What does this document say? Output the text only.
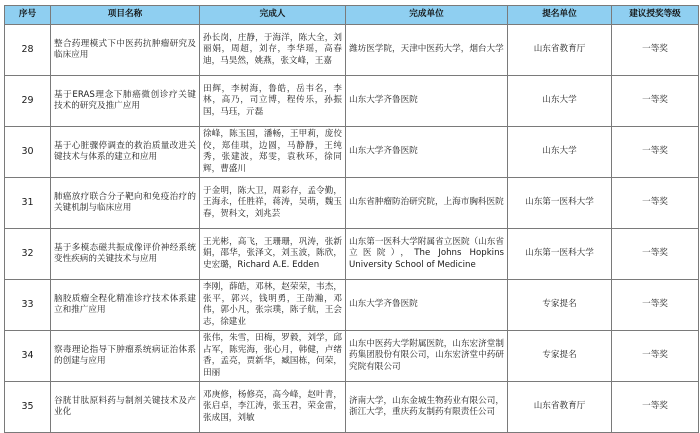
序号	项目名称	完成人	完成单位	提名单位	建议授奖等级
28	整合药理模式下中医药抗肿瘤研究及临床应用	孙长岗，庄静，于海洋，陈大全，刘丽娟，周超，刘存，李华瑶，高春迪，马昊然，姚燕，张文峰，王嘉	潍坊医学院，天津中医药大学，烟台大学	山东省教育厅	一等奖
29	基于ERAS理念下肺癌微创诊疗关键技术的研究及推广应用	田辉，李树海，鲁皓，岳韦名，李林，高乃，司立博，程传乐，孙振国，马珏，亓磊	山东大学齐鲁医院	山东大学	一等奖
30	基于心脏骤停调查的救治质量改进关键技术与体系的建立和应用	徐峰，陈玉国，潘畅，王甲莉，庞佼佼，郑佳琪，边圆，马静静，王纯秀，张建波，郑雯，袁秋环，徐同辉，曹盛川	山东大学齐鲁医院	山东大学	一等奖
31	肺癌放疗联合分子靶向和免疫治疗的关键机制与临床应用	于金明，陈大卫，周彩存，孟令勤，王海永，任胜祥，蒋涛，吴萌，魏玉春，贺科文，刘兆芸	山东省肿瘤防治研究院，上海市胸科医院	山东第一医科大学	一等奖
32	基于多模态磁共振成像评价神经系统变性疾病的关键技术与应用	王光彬，高飞，王珊珊，巩涛，张新娟，邵华，张泽文，刘玉波，陈欣，史宏璐，Richard A.E. Edden	山东第一医科大学附属省立医院（山东省立医院），The Johns Hopkins University School of Medicine	山东第一医科大学	一等奖
33	脑胶质瘤全程化精准诊疗技术体系建立和推广应用	李刚，薛皓，邓林，赵荣荣，韦杰，张平，郭兴，钱明勇，王劭瀚，邓伟，郭小凡，张宗璞，陈子航，王会志，徐建业	山东大学齐鲁医院	专家提名	一等奖
34	察毒理论指导下肿瘤系统病证治体系的创建与应用	张伟，朱雪，田梅，罗毅，刘学，邱占军，陈宪海，张心月，韩健，卢绪香，孟亮，贾新华，臧国栋，何荣，田丽	山东中医药大学附属医院，山东宏济堂制药集团股份有限公司，山东宏济堂中药研究院有限公司	专家提名	一等奖
35	谷胱甘肽原料药与制剂关键技术及产业化	邓庚修，杨修亮，高今峰，赵叶青，张启卓，李江涛，张玉君，荣金雷，张成国，刘敏	济南大学，山东金城生物药业有限公司，浙江大学，重庆药友制药有限责任公司	山东省教育厅	一等奖
